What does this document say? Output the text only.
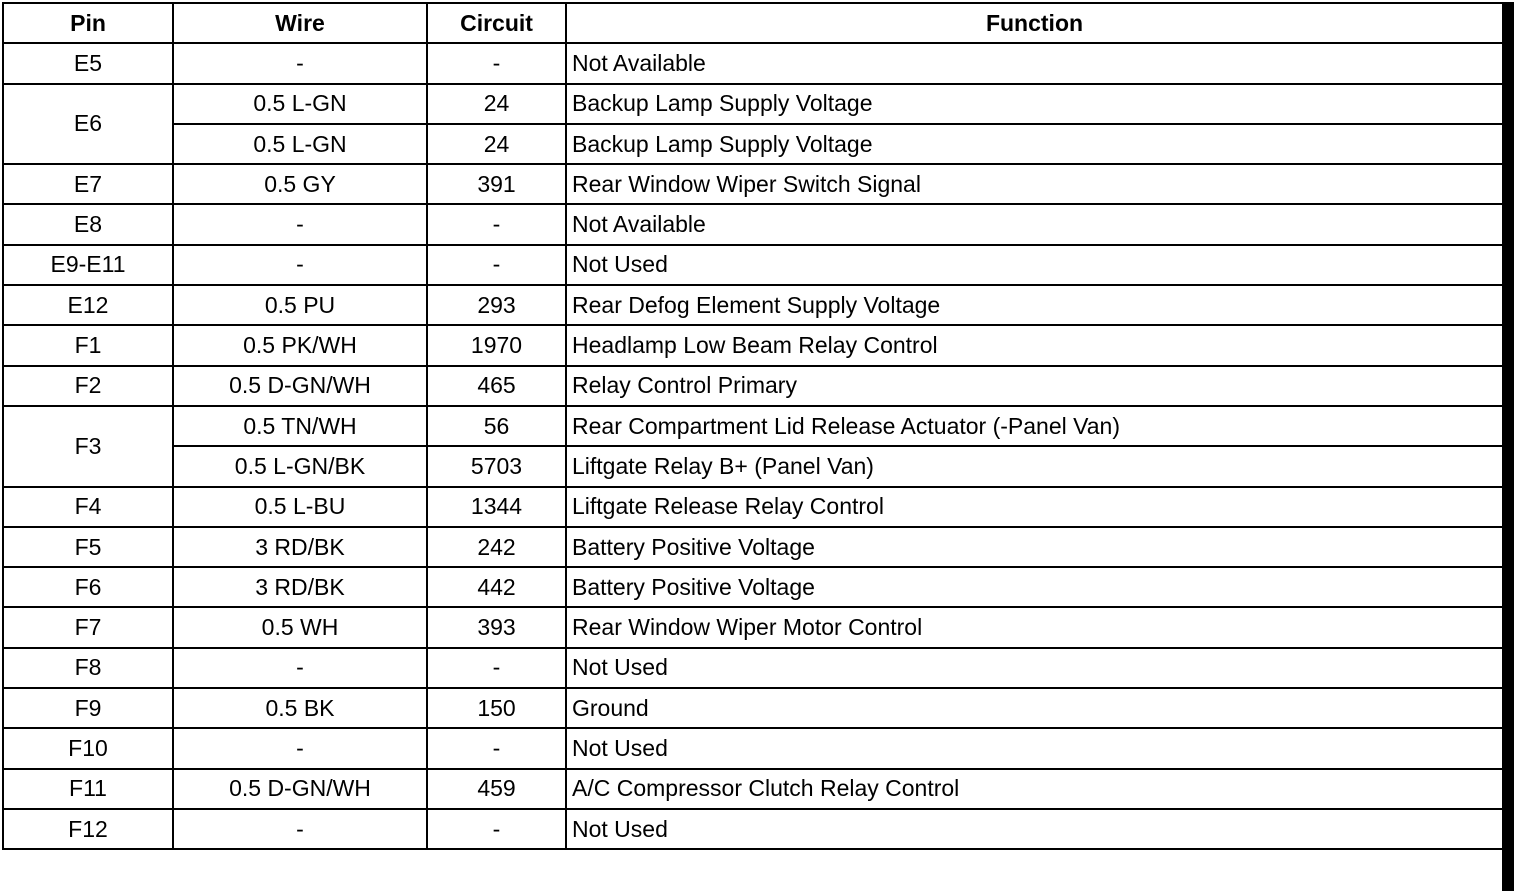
Pin	Wire	Circuit	Function
E5	-	-	Not Available
E6	0.5 L-GN	24	Backup Lamp Supply Voltage
	0.5 L-GN	24	Backup Lamp Supply Voltage
E7	0.5 GY	391	Rear Window Wiper Switch Signal
E8	-	-	Not Available
E9-E11	-	-	Not Used
E12	0.5 PU	293	Rear Defog Element Supply Voltage
F1	0.5 PK/WH	1970	Headlamp Low Beam Relay Control
F2	0.5 D-GN/WH	465	Relay Control Primary
F3	0.5 TN/WH	56	Rear Compartment Lid Release Actuator (-Panel Van)
	0.5 L-GN/BK	5703	Liftgate Relay B+ (Panel Van)
F4	0.5 L-BU	1344	Liftgate Release Relay Control
F5	3 RD/BK	242	Battery Positive Voltage
F6	3 RD/BK	442	Battery Positive Voltage
F7	0.5 WH	393	Rear Window Wiper Motor Control
F8	-	-	Not Used
F9	0.5 BK	150	Ground
F10	-	-	Not Used
F11	0.5 D-GN/WH	459	A/C Compressor Clutch Relay Control
F12	-	-	Not Used
